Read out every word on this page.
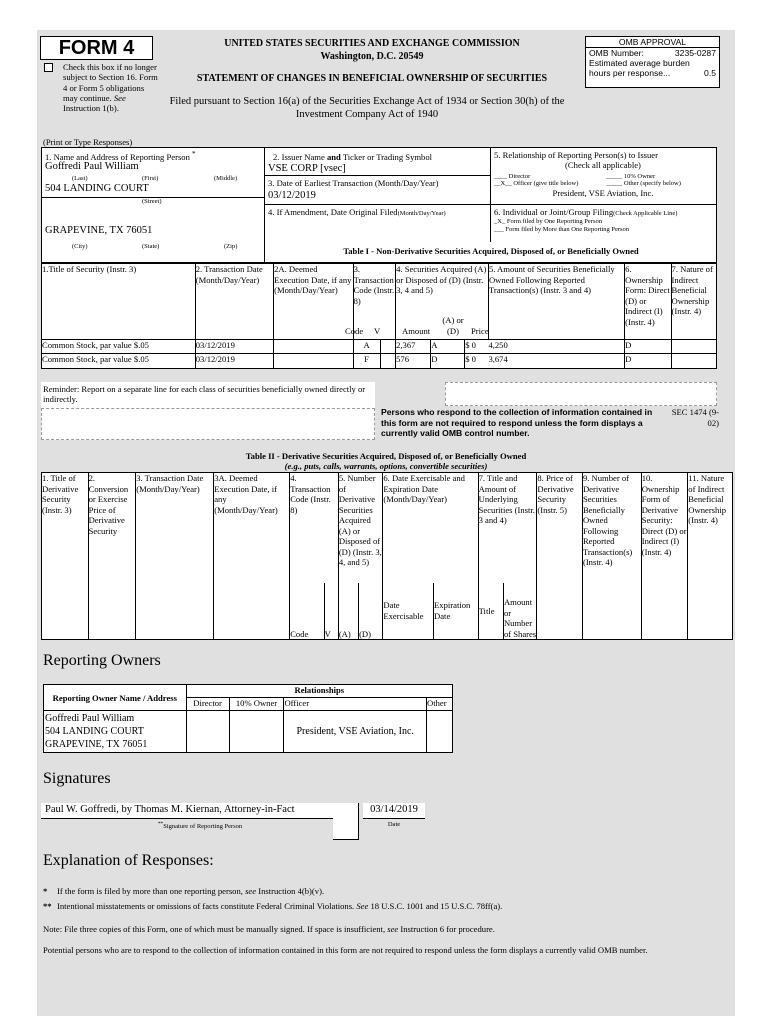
FORM 4
Check this box if no longer subject to Section 16. Form 4 or Form 5 obligations may continue. See Instruction 1(b).
UNITED STATES SECURITIES AND EXCHANGE COMMISSION
Washington, D.C. 20549
STATEMENT OF CHANGES IN BENEFICIAL OWNERSHIP OF SECURITIES
Filed pursuant to Section 16(a) of the Securities Exchange Act of 1934 or Section 30(h) of the Investment Company Act of 1940
OMB APPROVAL
OMB Number:	3235-0287
Estimated average burden
hours per response...	0.5
(Print or Type Responses)
1. Name and Address of Reporting Person *
Goffredi Paul William
(Last)	(First)	(Middle)
504 LANDING COURT
(Street)
GRAPEVINE, TX 76051
(City)	(State)	(Zip)
2. Issuer Name and Ticker or Trading Symbol
VSE CORP [vsec]
3. Date of Earliest Transaction (Month/Day/Year)
03/12/2019
4. If Amendment, Date Original Filed(Month/Day/Year)
5. Relationship of Reporting Person(s) to Issuer
(Check all applicable)
____ Director	_____ 10% Owner
__X__ Officer (give title below)	_____ Other (specify below)
President, VSE Aviation, Inc.
6. Individual or Joint/Group Filing(Check Applicable Line)
_X_ Form filed by One Reporting Person
___ Form filed by More than One Reporting Person
Table I - Non-Derivative Securities Acquired, Disposed of, or Beneficially Owned
1.Title of Security (Instr. 3)	2. Transaction Date (Month/Day/Year)	2A. Deemed Execution Date, if any (Month/Day/Year)	3. Transaction Code (Instr. 8)		4. Securities Acquired (A) or Disposed of (D) (Instr. 3, 4 and 5)			5. Amount of Securities Beneficially Owned Following Reported Transaction(s) (Instr. 3 and 4)	6. Ownership Form: Direct (D) or Indirect (I) (Instr. 4)	7. Nature of Indirect Beneficial Ownership (Instr. 4)
Common Stock, par value $.05	03/12/2019		A		2,367	A	$ 0	4,250	D	
Common Stock, par value $.05	03/12/2019		F		576	D	$ 0	3,674	D	
Code V	Amount
(A) or (D)	Price
Reminder: Report on a separate line for each class of securities beneficially owned directly or indirectly.
Persons who respond to the collection of information contained in this form are not required to respond unless the form displays a currently valid OMB control number.
SEC 1474 (9-02)
Table II - Derivative Securities Acquired, Disposed of, or Beneficially Owned
(e.g., puts, calls, warrants, options, convertible securities)
1. Title of Derivative Security (Instr. 3)	2. Conversion or Exercise Price of Derivative Security	3. Transaction Date (Month/Day/Year)	3A. Deemed Execution Date, if any (Month/Day/Year)	4. Transaction Code (Instr. 8)		5. Number of Derivative Securities Acquired (A) or Disposed of (D) (Instr. 3, 4, and 5)		6. Date Exercisable and Expiration Date (Month/Day/Year)		7. Title and Amount of Underlying Securities (Instr. 3 and 4)		8. Price of Derivative Security (Instr. 5)	9. Number of Derivative Securities Beneficially Owned Following Reported Transaction(s) (Instr. 4)	10. Ownership Form of Derivative Security: Direct (D) or Indirect (I) (Instr. 4)	11. Nature of Indirect Beneficial Ownership (Instr. 4)
				Code	V	(A)	(D)	Date Exercisable	Expiration Date	Title	Amount or Number of Shares				
Reporting Owners
Reporting Owner Name / Address	Relationships			
	Director	10% Owner	Officer	Other

Goffredi Paul William
504 LANDING COURT
GRAPEVINE, TX 76051			President, VSE Aviation, Inc.	
Signatures
Paul W. Goffredi, by Thomas M. Kiernan, Attorney-in-Fact
**Signature of Reporting Person
03/14/2019
Date
Explanation of Responses:
* If the form is filed by more than one reporting person, see Instruction 4(b)(v).
** Intentional misstatements or omissions of facts constitute Federal Criminal Violations. See 18 U.S.C. 1001 and 15 U.S.C. 78ff(a).
Note: File three copies of this Form, one of which must be manually signed. If space is insufficient, see Instruction 6 for procedure.
Potential persons who are to respond to the collection of information contained in this form are not required to respond unless the form displays a currently valid OMB number.
